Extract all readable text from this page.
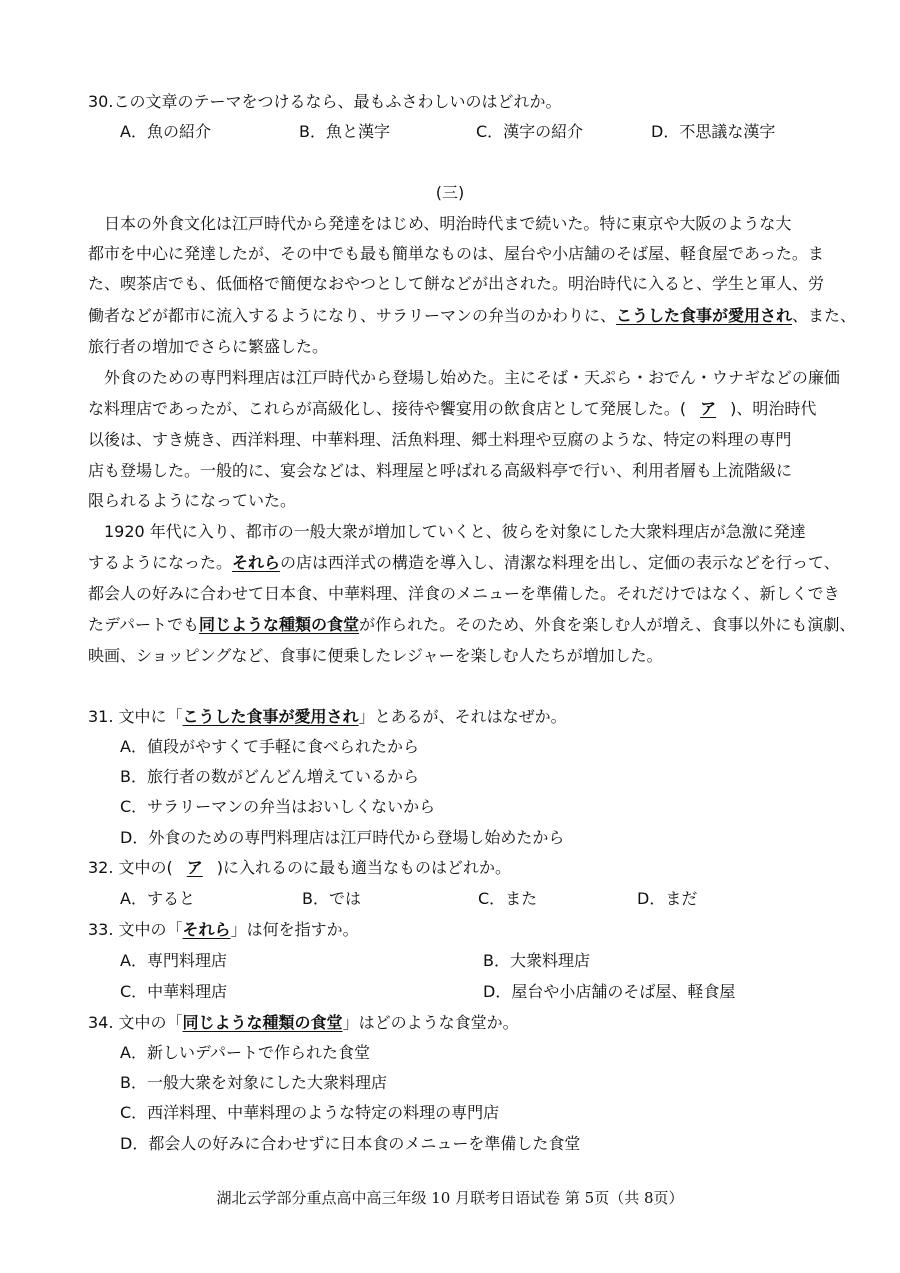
30.この文章のテーマをつけるなら、最もふさわしいのはどれか。
A．魚の紹介	B．魚と漢字	C．漢字の紹介	D．不思議な漢字
(三)
日本の外食文化は江戸時代から発達をはじめ、明治時代まで続いた。特に東京や大阪のような大
都市を中心に発達したが、その中でも最も簡単なものは、屋台や小店舗のそば屋、軽食屋であった。ま
た、喫茶店でも、低価格で簡便なおやつとして餅などが出された。明治時代に入ると、学生と軍人、労
働者などが都市に流入するようになり、サラリーマンの弁当のかわりに、こうした食事が愛用され、また、
旅行者の増加でさらに繁盛した。
外食のための専門料理店は江戸時代から登場し始めた。主にそば・天ぷら・おでん・ウナギなどの廉価
な料理店であったが、これらが高級化し、接待や饗宴用の飲食店として発展した。( ア )、明治時代
以後は、すき焼き、西洋料理、中華料理、活魚料理、郷土料理や豆腐のような、特定の料理の専門
店も登場した。一般的に、宴会などは、料理屋と呼ばれる高級料亭で行い、利用者層も上流階級に
限られるようになっていた。
1920 年代に入り、都市の一般大衆が増加していくと、彼らを対象にした大衆料理店が急激に発達
するようになった。それらの店は西洋式の構造を導入し、清潔な料理を出し、定価の表示などを行って、
都会人の好みに合わせて日本食、中華料理、洋食のメニューを準備した。それだけではなく、新しくでき
たデパートでも同じような種類の食堂が作られた。そのため、外食を楽しむ人が増え、食事以外にも演劇、
映画、ショッピングなど、食事に便乗したレジャーを楽しむ人たちが増加した。
31. 文中に「こうした食事が愛用され」とあるが、それはなぜか。
A．値段がやすくて手軽に食べられたから
B．旅行者の数がどんどん増えているから
C．サラリーマンの弁当はおいしくないから
D．外食のための専門料理店は江戸時代から登場し始めたから
32. 文中の( ア )に入れるのに最も適当なものはどれか。
A．すると	B．では	C．また	D．まだ
33. 文中の「それら」は何を指すか。
A．専門料理店	B．大衆料理店
C．中華料理店	D．屋台や小店舗のそば屋、軽食屋
34. 文中の「同じような種類の食堂」はどのような食堂か。
A．新しいデパートで作られた食堂
B．一般大衆を対象にした大衆料理店
C．西洋料理、中華料理のような特定の料理の専門店
D．都会人の好みに合わせずに日本食のメニューを準備した食堂
湖北云学部分重点高中高三年级 10 月联考日语试卷 第 5页（共 8页）
